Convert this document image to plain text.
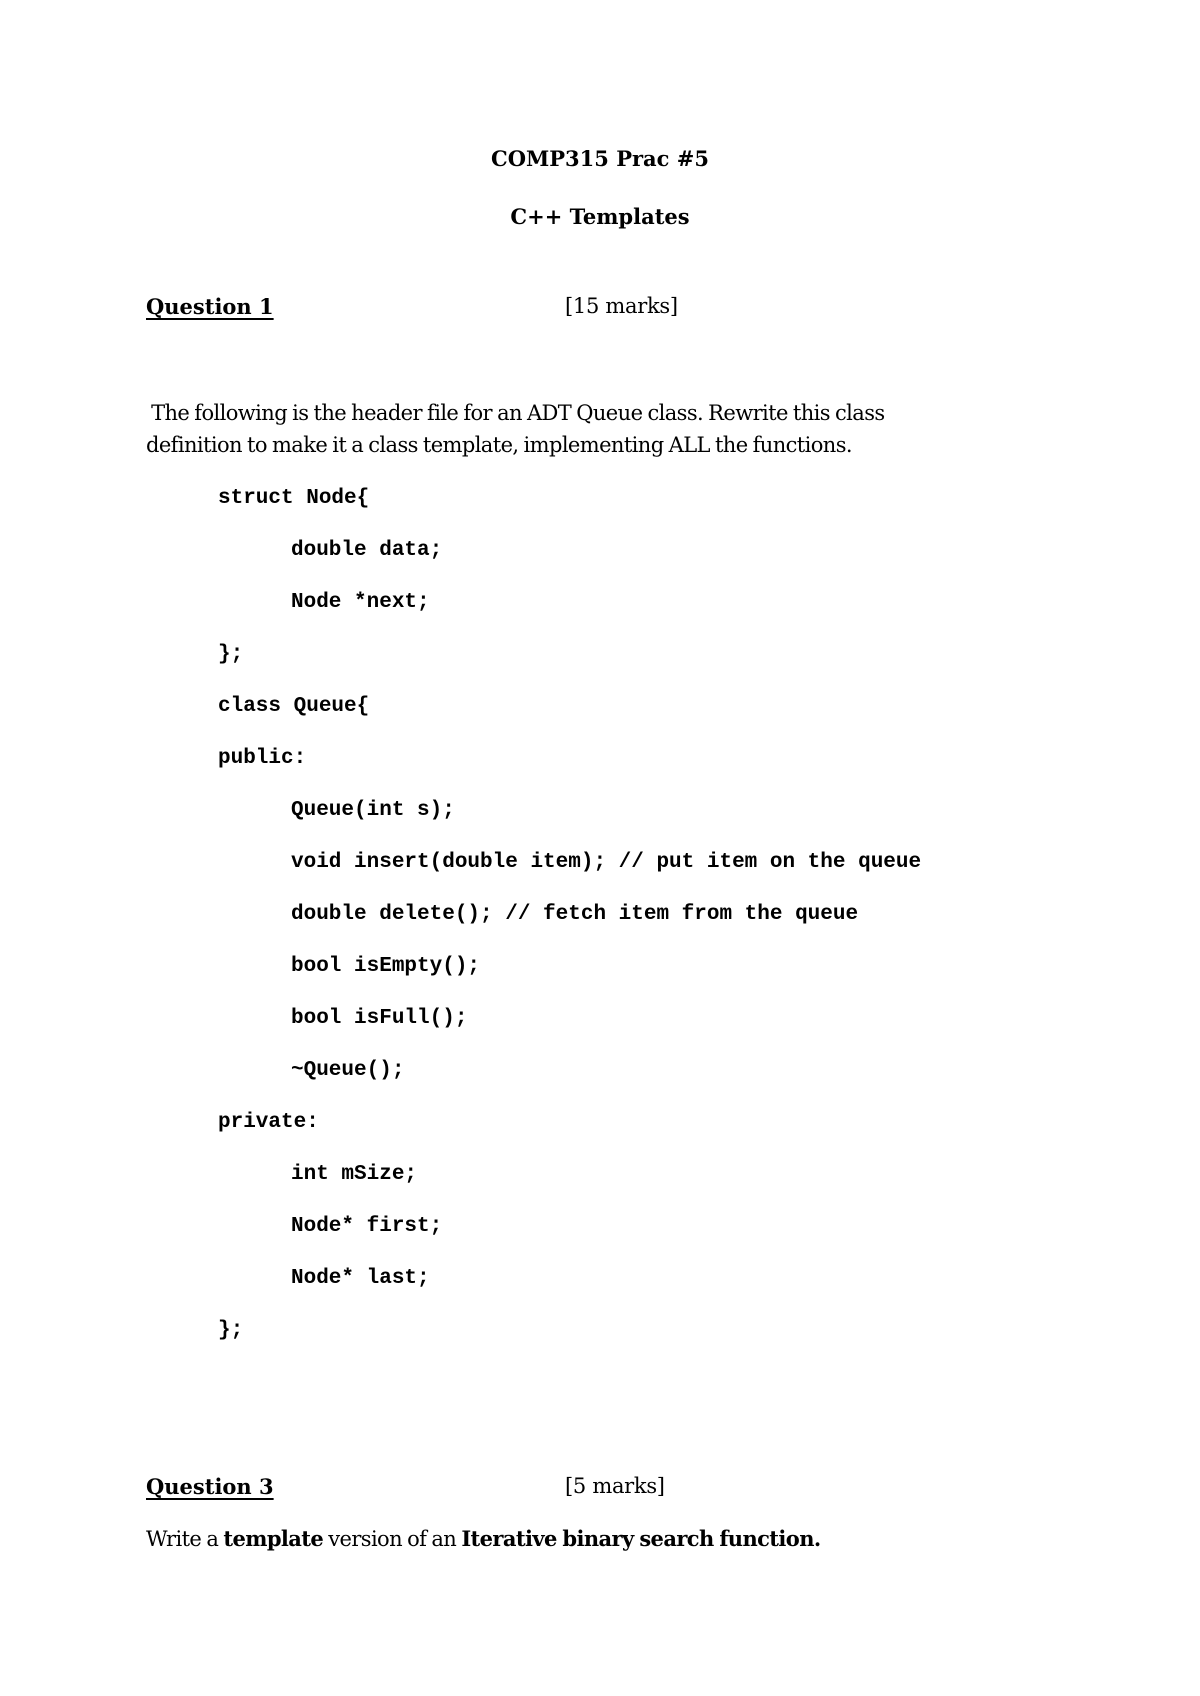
COMP315 Prac #5
C++ Templates
Question 1	[15 marks]
The following is the header file for an ADT Queue class. Rewrite this class
definition to make it a class template, implementing ALL the functions.
struct Node{
double data;
Node *next;
};
class Queue{
public:
Queue(int s);
void insert(double item); // put item on the queue
double delete(); // fetch item from the queue
bool isEmpty();
bool isFull();
~Queue();
private:
int mSize;
Node* first;
Node* last;
};
Question 3	[5 marks]
Write a template version of an Iterative binary search function.
